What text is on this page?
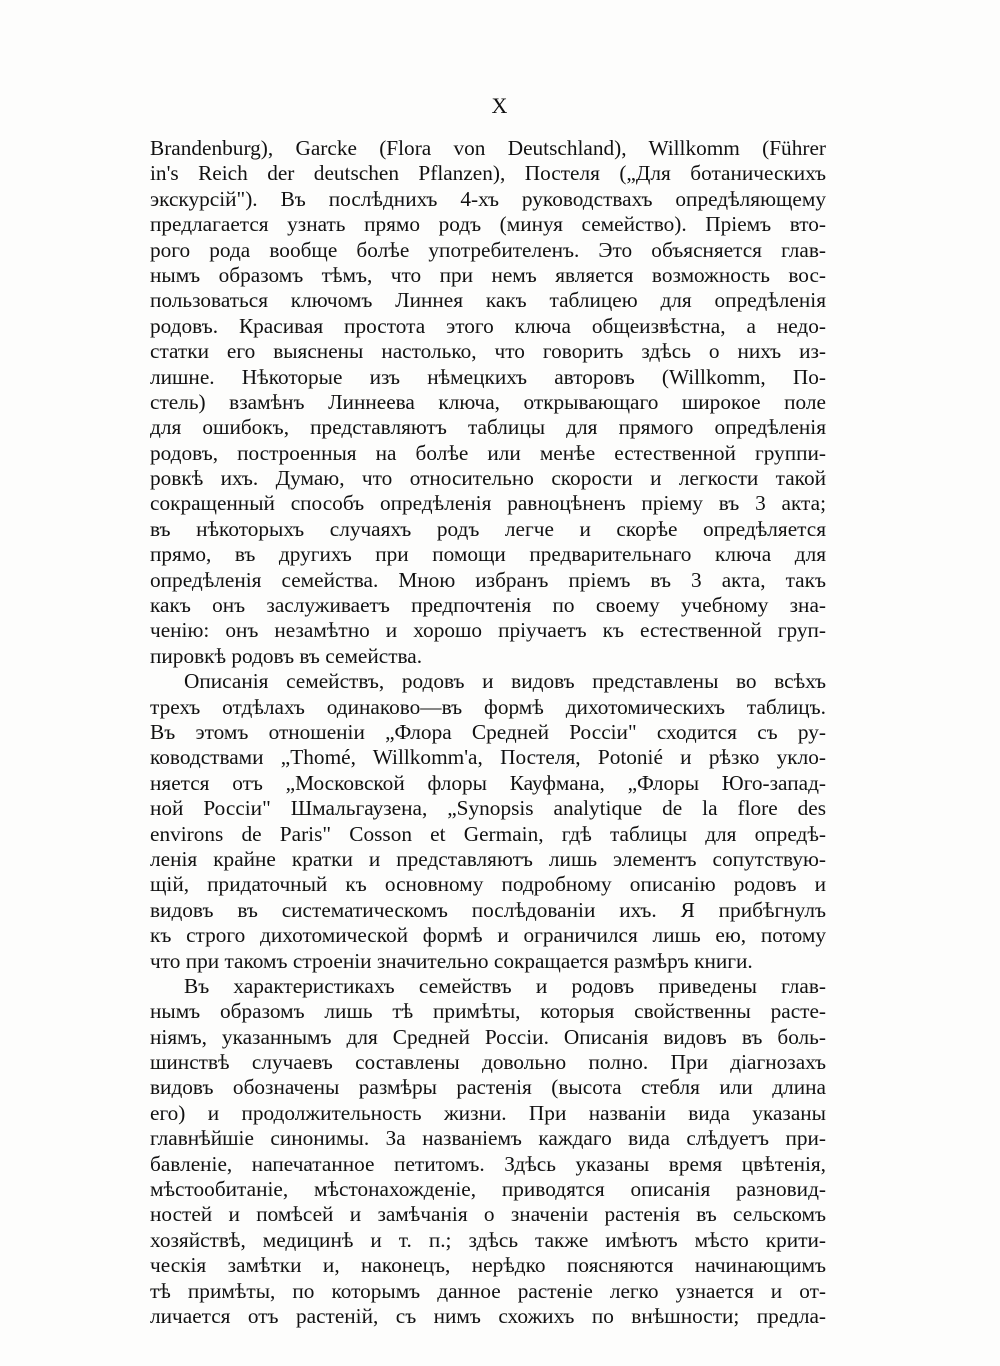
X
Brandenburg), Garcke (Flora von Deutschland), Willkomm (Führer
in's Reich der deutschen Pflanzen), Постеля („Для ботаническихъ
экскурсій"). Въ послѣднихъ 4-хъ руководствахъ опредѣляющему
предлагается узнать прямо родъ (минуя семейство). Пріемъ вто-
рого рода вообще болѣе употребителенъ. Это объясняется глав-
нымъ образомъ тѣмъ, что при немъ является возможность вос-
пользоваться ключомъ Линнея какъ таблицею для опредѣленія
родовъ. Красивая простота этого ключа общеизвѣстна, а недо-
статки его выяснены настолько, что говорить здѣсь о нихъ из-
лишне. Нѣкоторые изъ нѣмецкихъ авторовъ (Willkomm, По-
стель) взамѣнъ Линнеева ключа, открывающаго широкое поле
для ошибокъ, представляютъ таблицы для прямого опредѣленія
родовъ, построенныя на болѣе или менѣе естественной группи-
ровкѣ ихъ. Думаю, что относительно скорости и легкости такой
сокращенный способъ опредѣленія равноцѣненъ пріему въ 3 акта;
въ нѣкоторыхъ случаяхъ родъ легче и скорѣе опредѣляется
прямо, въ другихъ при помощи предварительнаго ключа для
опредѣленія семейства. Мною избранъ пріемъ въ 3 акта, такъ
какъ онъ заслуживаетъ предпочтенія по своему учебному зна-
ченію: онъ незамѣтно и хорошо пріучаетъ къ естественной груп-
пировкѣ родовъ въ семейства.
Описанія семействъ, родовъ и видовъ представлены во всѣхъ
трехъ отдѣлахъ одинаково—въ формѣ дихотомическихъ таблицъ.
Въ этомъ отношеніи „Флора Средней Россіи" сходится съ ру-
ководствами „Thomé, Willkomm'a, Постеля, Potonié и рѣзко укло-
няется отъ „Московской флоры Кауфмана, „Флоры Юго-запад-
ной Россіи" Шмальгаузена, „Synopsis analytique de la flore des
environs de Paris" Cosson et Germain, гдѣ таблицы для опредѣ-
ленія крайне кратки и представляютъ лишь элементъ сопутствую-
щій, придаточный къ основному подробному описанію родовъ и
видовъ въ систематическомъ послѣдованіи ихъ. Я прибѣгнулъ
къ строго дихотомической формѣ и ограничился лишь ею, потому
что при такомъ строеніи значительно сокращается размѣръ книги.
Въ характеристикахъ семействъ и родовъ приведены глав-
нымъ образомъ лишь тѣ примѣты, которыя свойственны расте-
ніямъ, указаннымъ для Средней Россіи. Описанія видовъ въ боль-
шинствѣ случаевъ составлены довольно полно. При діагнозахъ
видовъ обозначены размѣры растенія (высота стебля или длина
его) и продолжительность жизни. При названіи вида указаны
главнѣйшіе синонимы. За названіемъ каждаго вида слѣдуетъ при-
бавленіе, напечатанное петитомъ. Здѣсь указаны время цвѣтенія,
мѣстообитаніе, мѣстонахожденіе, приводятся описанія разновид-
ностей и помѣсей и замѣчанія о значеніи растенія въ сельскомъ
хозяйствѣ, медицинѣ и т. п.; здѣсь также имѣютъ мѣсто крити-
ческія замѣтки и, наконецъ, нерѣдко поясняются начинающимъ
тѣ примѣты, по которымъ данное растеніе легко узнается и от-
личается отъ растеній, съ нимъ схожихъ по внѣшности; предла-
